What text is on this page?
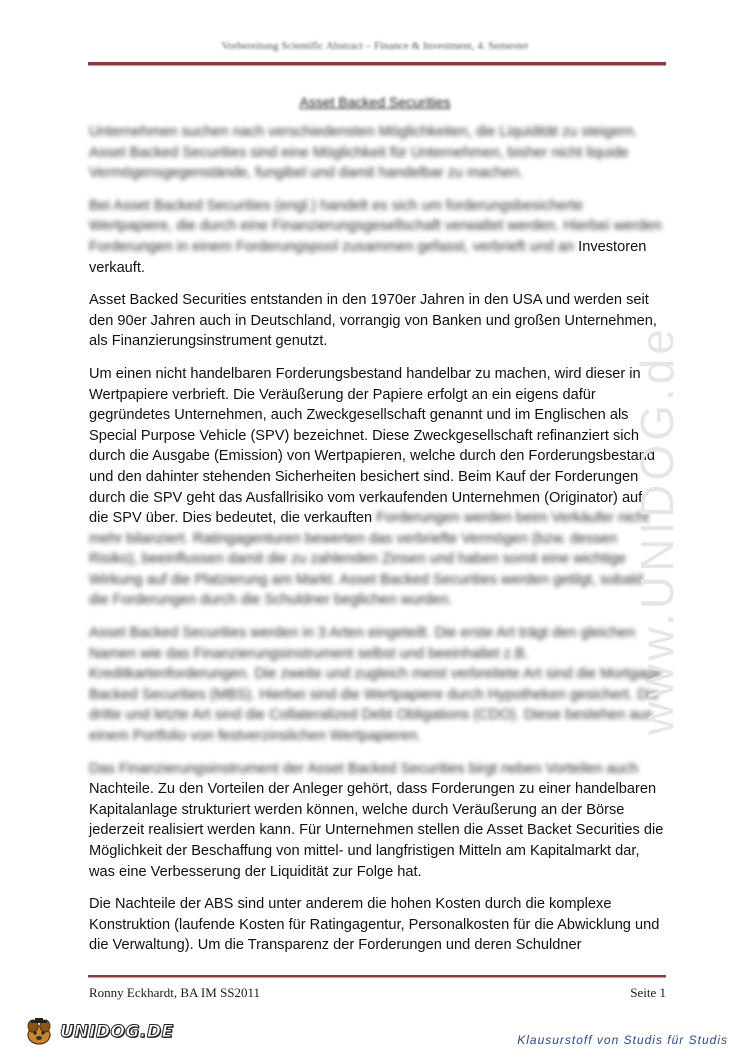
Vorbereitung Scientific Abstract – Finance & Investment, 4. Semester
Asset Backed Securities

Unternehmen suchen nach verschiedensten Möglichkeiten, die Liquidität zu steigern. Asset Backed Securities sind eine Möglichkeit für Unternehmen, bisher nicht liquide Vermögensgegenstände, fungibel und damit handelbar zu machen.

Bei Asset Backed Securities (engl.) handelt es sich um forderungsbesicherte Wertpapiere, die durch eine Finanzierungsgesellschaft verwaltet werden. Hierbei werden Forderungen in einem Forderungspool zusammen gefasst, verbrieft und an Investoren verkauft.

Asset Backed Securities entstanden in den 1970er Jahren in den USA und werden seit den 90er Jahren auch in Deutschland, vorrangig von Banken und großen Unternehmen, als Finanzierungsinstrument genutzt.

Um einen nicht handelbaren Forderungsbestand handelbar zu machen, wird dieser in Wertpapiere verbrieft. Die Veräußerung der Papiere erfolgt an ein eigens dafür gegründetes Unternehmen, auch Zweckgesellschaft genannt und im Englischen als Special Purpose Vehicle (SPV) bezeichnet. Diese Zweckgesellschaft refinanziert sich durch die Ausgabe (Emission) von Wertpapieren, welche durch den Forderungsbestand und den dahinter stehenden Sicherheiten besichert sind. Beim Kauf der Forderungen durch die SPV geht das Ausfallrisiko vom verkaufenden Unternehmen (Originator) auf die SPV über. Dies bedeutet, die verkauften Forderungen werden beim Verkäufer nicht mehr bilanziert. Ratingagenturen bewerten das verbriefte Vermögen (bzw. dessen Risiko), beeinflussen damit die zu zahlenden Zinsen und haben somit eine wichtige Wirkung auf die Platzierung am Markt. Asset Backed Securities werden getilgt, sobald die Forderungen durch die Schuldner beglichen wurden.

Asset Backed Securities werden in 3 Arten eingeteilt. Die erste Art trägt den gleichen Namen wie das Finanzierungsinstrument selbst und beeinhaltet z.B. Kreditkartenforderungen. Die zweite und zugleich meist verbreitete Art sind die Mortgage Backed Securities (MBS). Hierbei sind die Wertpapiere durch Hypotheken gesichert. Die dritte und letzte Art sind die Collateralized Debt Obligations (CDO). Diese bestehen aus einem Portfolio von festverzinslichen Wertpapieren.

Das Finanzierungsinstrument der Asset Backed Securities birgt neben Vorteilen auch Nachteile. Zu den Vorteilen der Anleger gehört, dass Forderungen zu einer handelbaren Kapitalanlage strukturiert werden können, welche durch Veräußerung an der Börse jederzeit realisiert werden kann. Für Unternehmen stellen die Asset Backet Securities die Möglichkeit der Beschaffung von mittel- und langfristigen Mitteln am Kapitalmarkt dar, was eine Verbesserung der Liquidität zur Folge hat.

Die Nachteile der ABS sind unter anderem die hohen Kosten durch die komplexe Konstruktion (laufende Kosten für Ratingagentur, Personalkosten für die Abwicklung und die Verwaltung). Um die Transparenz der Forderungen und deren Schuldner

www.UNIDOG.de
Ronny Eckhardt, BA IM SS2011	Seite 1
UNIDOG.DE	Klausurstoff von Studis für Studis
